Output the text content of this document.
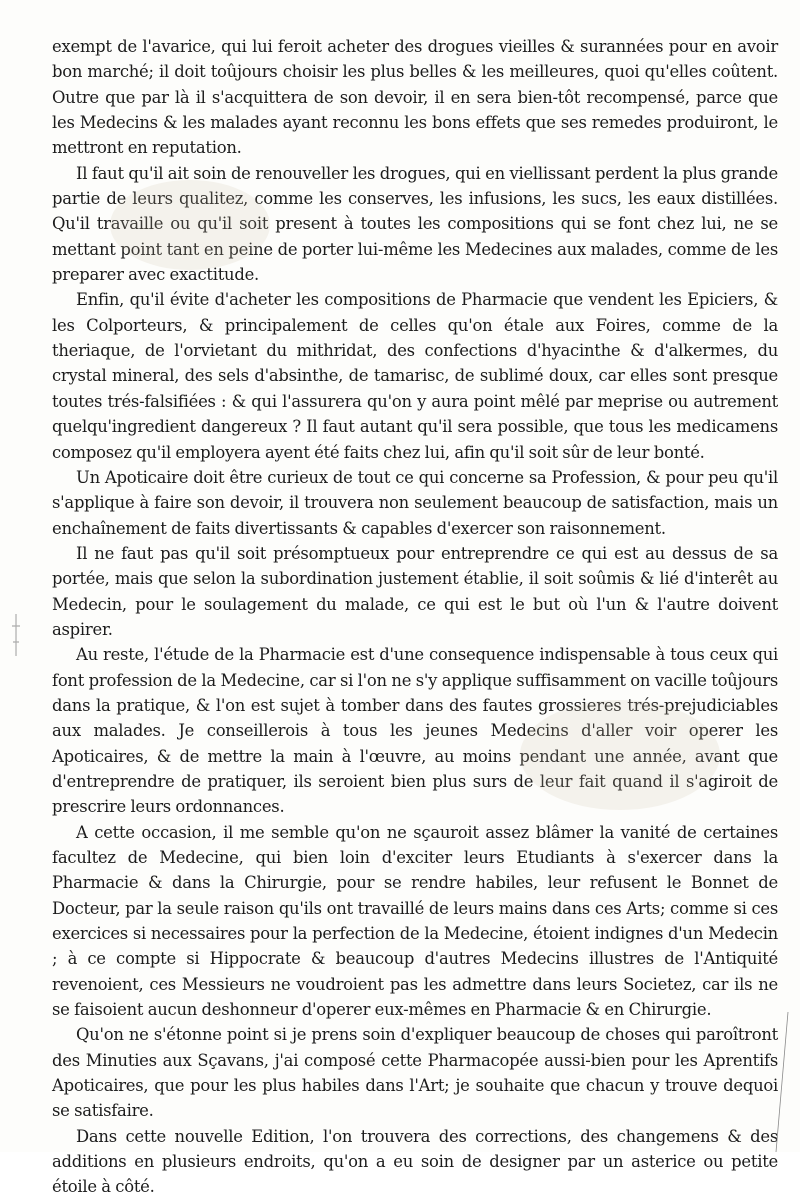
exempt de l'avarice, qui lui feroit acheter des drogues vieilles & surannées pour en avoir bon marché; il doit toûjours choisir les plus belles & les meilleures, quoi qu'elles coûtent. Outre que par là il s'acquittera de son devoir, il en sera bien-tôt recompensé, parce que les Medecins & les malades ayant reconnu les bons effets que ses remedes produiront, le mettront en reputation.

Il faut qu'il ait soin de renouveller les drogues, qui en viellissant perdent la plus grande partie de leurs qualitez, comme les conserves, les infusions, les sucs, les eaux distillées. Qu'il travaille ou qu'il soit present à toutes les compositions qui se font chez lui, ne se mettant point tant en peine de porter lui-même les Medecines aux malades, comme de les preparer avec exactitude.

Enfin, qu'il évite d'acheter les compositions de Pharmacie que vendent les Epiciers, & les Colporteurs, & principalement de celles qu'on étale aux Foires, comme de la theriaque, de l'orvietant du mithridat, des confections d'hyacinthe & d'alkermes, du crystal mineral, des sels d'absinthe, de tamarisc, de sublimé doux, car elles sont presque toutes trés-falsifiées : & qui l'assurera qu'on y aura point mêlé par meprise ou autrement quelqu'ingredient dangereux ? Il faut autant qu'il sera possible, que tous les medicamens composez qu'il employera ayent été faits chez lui, afin qu'il soit sûr de leur bonté.

Un Apoticaire doit être curieux de tout ce qui concerne sa Profession, & pour peu qu'il s'applique à faire son devoir, il trouvera non seulement beaucoup de satisfaction, mais un enchaînement de faits divertissants & capables d'exercer son raisonnement.

Il ne faut pas qu'il soit présomptueux pour entreprendre ce qui est au dessus de sa portée, mais que selon la subordination justement établie, il soit soûmis & lié d'interêt au Medecin, pour le soulagement du malade, ce qui est le but où l'un & l'autre doivent aspirer.

Au reste, l'étude de la Pharmacie est d'une consequence indispensable à tous ceux qui font profession de la Medecine, car si l'on ne s'y applique suffisamment on vacille toûjours dans la pratique, & l'on est sujet à tomber dans des fautes grossieres trés-prejudiciables aux malades. Je conseillerois à tous les jeunes Medecins d'aller voir operer les Apoticaires, & de mettre la main à l'œuvre, au moins pendant une année, avant que d'entreprendre de pratiquer, ils seroient bien plus surs de leur fait quand il s'agiroit de prescrire leurs ordonnances.

A cette occasion, il me semble qu'on ne sçauroit assez blâmer la vanité de certaines facultez de Medecine, qui bien loin d'exciter leurs Etudiants à s'exercer dans la Pharmacie & dans la Chirurgie, pour se rendre habiles, leur refusent le Bonnet de Docteur, par la seule raison qu'ils ont travaillé de leurs mains dans ces Arts; comme si ces exercices si necessaires pour la perfection de la Medecine, étoient indignes d'un Medecin ; à ce compte si Hippocrate & beaucoup d'autres Medecins illustres de l'Antiquité revenoient, ces Messieurs ne voudroient pas les admettre dans leurs Societez, car ils ne se faisoient aucun deshonneur d'operer eux-mêmes en Pharmacie & en Chirurgie.

Qu'on ne s'étonne point si je prens soin d'expliquer beaucoup de choses qui paroîtront des Minuties aux Sçavans, j'ai composé cette Pharmacopée aussi-bien pour les Aprentifs Apoticaires, que pour les plus habiles dans l'Art; je souhaite que chacun y trouve dequoi se satisfaire.

Dans cette nouvelle Edition, l'on trouvera des corrections, des changemens & des additions en plusieurs endroits, qu'on a eu soin de designer par un asterice ou petite étoile à côté.
